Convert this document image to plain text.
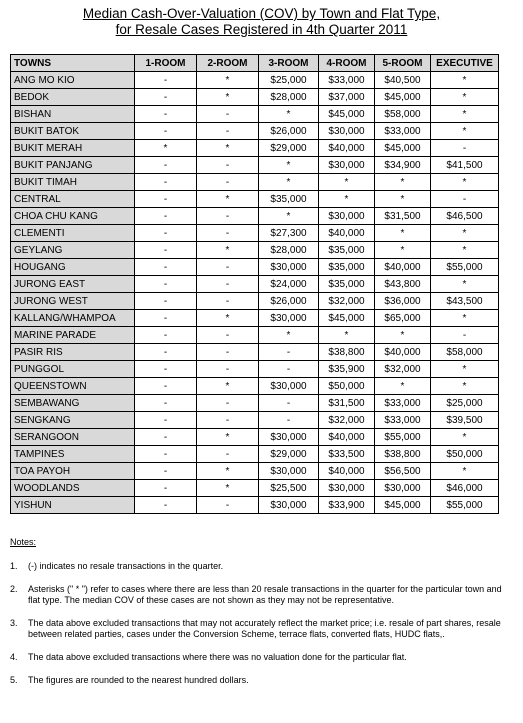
Median Cash-Over-Valuation (COV) by Town and Flat Type,
for Resale Cases Registered in 4th Quarter 2011
TOWNS	1-ROOM	2-ROOM	3-ROOM	4-ROOM	5-ROOM	EXECUTIVE
ANG MO KIO	-	*	$25,000	$33,000	$40,500	*
BEDOK	-	*	$28,000	$37,000	$45,000	*
BISHAN	-	-	*	$45,000	$58,000	*
BUKIT BATOK	-	-	$26,000	$30,000	$33,000	*
BUKIT MERAH	*	*	$29,000	$40,000	$45,000	-
BUKIT PANJANG	-	-	*	$30,000	$34,900	$41,500
BUKIT TIMAH	-	-	*	*	*	*
CENTRAL	-	*	$35,000	*	*	-
CHOA CHU KANG	-	-	*	$30,000	$31,500	$46,500
CLEMENTI	-	-	$27,300	$40,000	*	*
GEYLANG	-	*	$28,000	$35,000	*	*
HOUGANG	-	-	$30,000	$35,000	$40,000	$55,000
JURONG EAST	-	-	$24,000	$35,000	$43,800	*
JURONG WEST	-	-	$26,000	$32,000	$36,000	$43,500
KALLANG/WHAMPOA	-	*	$30,000	$45,000	$65,000	*
MARINE PARADE	-	-	*	*	*	-
PASIR RIS	-	-	-	$38,800	$40,000	$58,000
PUNGGOL	-	-	-	$35,900	$32,000	*
QUEENSTOWN	-	*	$30,000	$50,000	*	*
SEMBAWANG	-	-	-	$31,500	$33,000	$25,000
SENGKANG	-	-	-	$32,000	$33,000	$39,500
SERANGOON	-	*	$30,000	$40,000	$55,000	*
TAMPINES	-	-	$29,000	$33,500	$38,800	$50,000
TOA PAYOH	-	*	$30,000	$40,000	$56,500	*
WOODLANDS	-	*	$25,500	$30,000	$30,000	$46,000
YISHUN	-	-	$30,000	$33,900	$45,000	$55,000
Notes:
1.	(-) indicates no resale transactions in the quarter.
2.	Asterisks (" * ") refer to cases where there are less than 20 resale transactions in the quarter for the particular town and flat type. The median COV of these cases are not shown as they may not be representative.
3.	The data above excluded transactions that may not accurately reflect the market price; i.e. resale of part shares, resale between related parties, cases under the Conversion Scheme, terrace flats, converted flats, HUDC flats,.
4.	The data above excluded transactions where there was no valuation done for the particular flat.
5.	The figures are rounded to the nearest hundred dollars.
